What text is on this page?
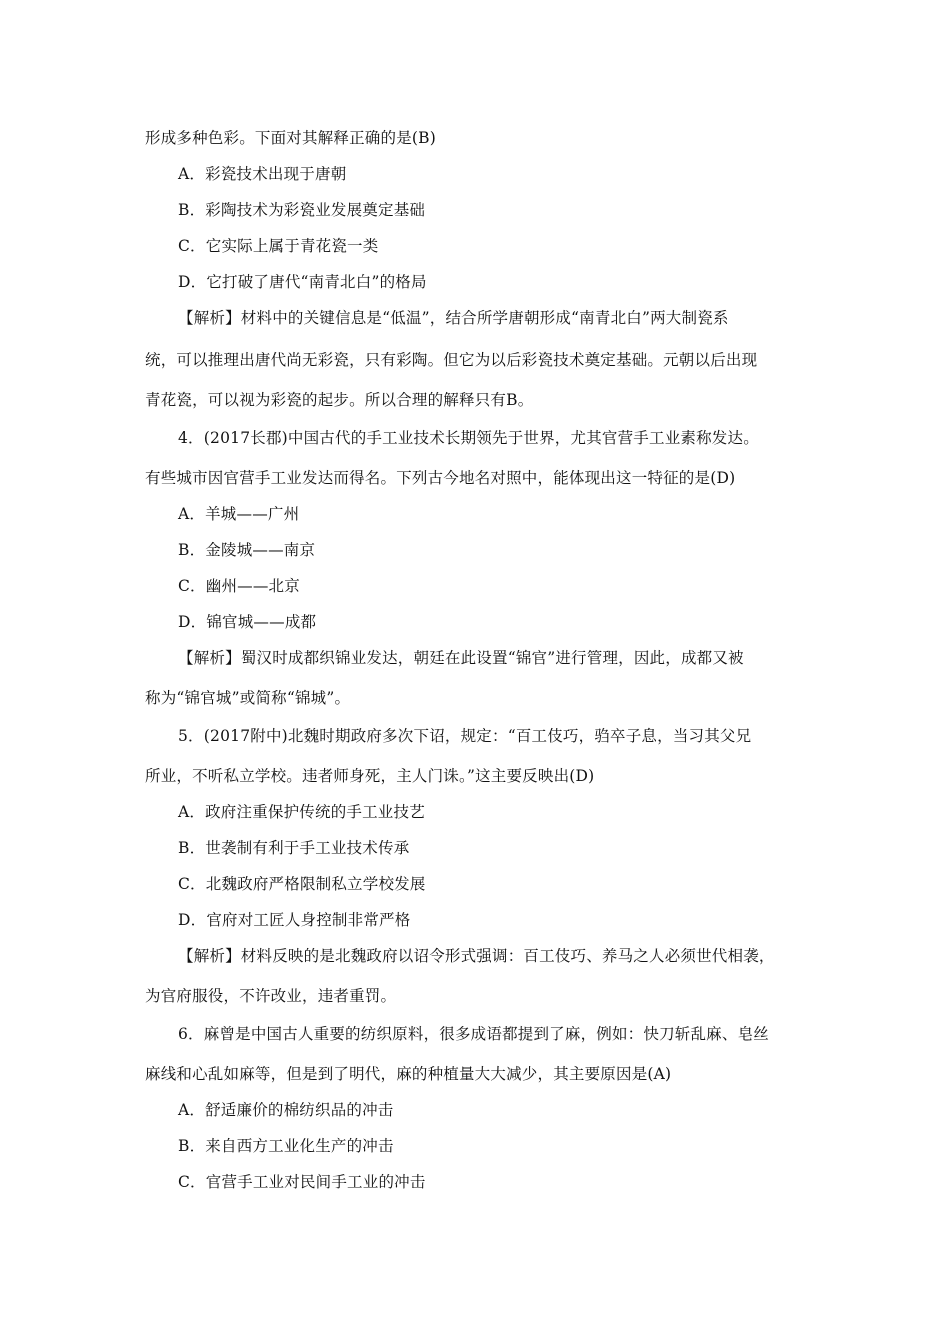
形成多种色彩。下面对其解释正确的是(B)
A．彩瓷技术出现于唐朝
B．彩陶技术为彩瓷业发展奠定基础
C．它实际上属于青花瓷一类
D．它打破了唐代“南青北白”的格局
【解析】材料中的关键信息是“低温”，结合所学唐朝形成“南青北白”两大制瓷系
统，可以推理出唐代尚无彩瓷，只有彩陶。但它为以后彩瓷技术奠定基础。元朝以后出现
青花瓷，可以视为彩瓷的起步。所以合理的解释只有B。
4．(2017长郡)中国古代的手工业技术长期领先于世界，尤其官营手工业素称发达。
有些城市因官营手工业发达而得名。下列古今地名对照中，能体现出这一特征的是(D)
A．羊城——广州
B．金陵城——南京
C．幽州——北京
D．锦官城——成都
【解析】蜀汉时成都织锦业发达，朝廷在此设置“锦官”进行管理，因此，成都又被
称为“锦官城”或简称“锦城”。
5．(2017附中)北魏时期政府多次下诏，规定：“百工伎巧，驺卒子息，当习其父兄
所业，不听私立学校。违者师身死，主人门诛。”这主要反映出(D)
A．政府注重保护传统的手工业技艺
B．世袭制有利于手工业技术传承
C．北魏政府严格限制私立学校发展
D．官府对工匠人身控制非常严格
【解析】材料反映的是北魏政府以诏令形式强调：百工伎巧、养马之人必须世代相袭，
为官府服役，不许改业，违者重罚。
6．麻曾是中国古人重要的纺织原料，很多成语都提到了麻，例如：快刀斩乱麻、皂丝
麻线和心乱如麻等，但是到了明代，麻的种植量大大减少，其主要原因是(A)
A．舒适廉价的棉纺织品的冲击
B．来自西方工业化生产的冲击
C．官营手工业对民间手工业的冲击
